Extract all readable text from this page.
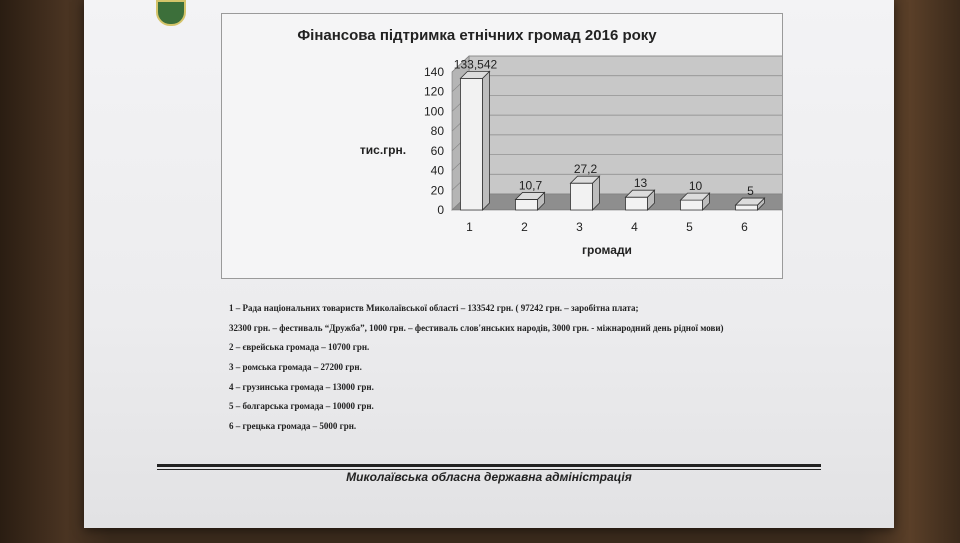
Фінансова підтримка етнічних громад 2016 року
0
20
40
60
80
100
120
140
тис.грн.
133,542
1
10,7
2
27,2
3
13
4
10
5
5
6
громади
1 – Рада національних товариств Миколаївської області – 133542 грн. ( 97242 грн. – заробітна плата;
32300 грн. – фестиваль “Дружба”, 1000 грн. – фестиваль слов'янських народів, 3000 грн. - міжнародний день рідної мови)
2 – єврейська громада – 10700 грн.
3 – ромська громада – 27200 грн.
4 – грузинська громада – 13000 грн.
5 – болгарська громада – 10000 грн.
6 – грецька громада – 5000 грн.
Миколаївська обласна державна адміністрація
